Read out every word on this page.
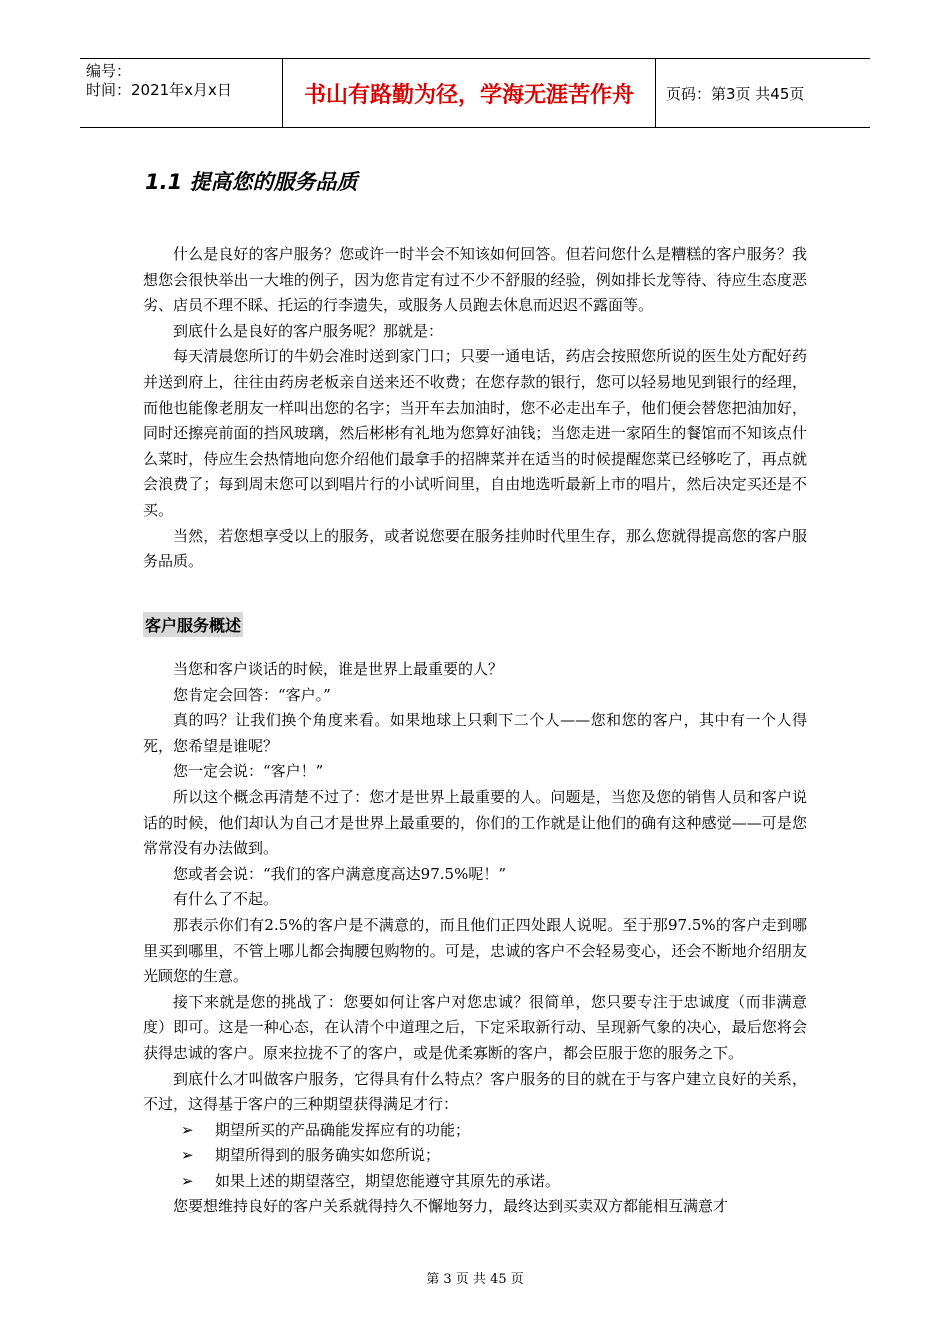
编号：
时间：2021年x月x日	书山有路勤为径，学海无涯苦作舟	页码：第3页 共45页
1.1 提高您的服务品质

什么是良好的客户服务？您或许一时半会不知该如何回答。但若问您什么是糟糕的客户服务？我想您会很快举出一大堆的例子，因为您肯定有过不少不舒服的经验，例如排长龙等待、待应生态度恶劣、店员不理不睬、托运的行李遗失，或服务人员跑去休息而迟迟不露面等。

到底什么是良好的客户服务呢？那就是：

每天清晨您所订的牛奶会准时送到家门口；只要一通电话，药店会按照您所说的医生处方配好药并送到府上，往往由药房老板亲自送来还不收费；在您存款的银行，您可以轻易地见到银行的经理，而他也能像老朋友一样叫出您的名字；当开车去加油时，您不必走出车子，他们便会替您把油加好，同时还擦亮前面的挡风玻璃，然后彬彬有礼地为您算好油钱；当您走进一家陌生的餐馆而不知该点什么菜时，侍应生会热情地向您介绍他们最拿手的招牌菜并在适当的时候提醒您菜已经够吃了，再点就会浪费了；每到周末您可以到唱片行的小试听间里，自由地选听最新上市的唱片，然后决定买还是不买。

当然，若您想享受以上的服务，或者说您要在服务挂帅时代里生存，那么您就得提高您的客户服务品质。

客户服务概述

当您和客户谈话的时候，谁是世界上最重要的人？

您肯定会回答：“客户。”

真的吗？让我们换个角度来看。如果地球上只剩下二个人——您和您的客户，其中有一个人得死，您希望是谁呢？

您一定会说：“客户！”

所以这个概念再清楚不过了：您才是世界上最重要的人。问题是，当您及您的销售人员和客户说话的时候，他们却认为自己才是世界上最重要的，你们的工作就是让他们的确有这种感觉——可是您常常没有办法做到。

您或者会说：“我们的客户满意度高达97.5%呢！”

有什么了不起。

那表示你们有2.5%的客户是不满意的，而且他们正四处跟人说呢。至于那97.5%的客户走到哪里买到哪里，不管上哪儿都会掏腰包购物的。可是，忠诚的客户不会轻易变心，还会不断地介绍朋友光顾您的生意。

接下来就是您的挑战了：您要如何让客户对您忠诚？很简单，您只要专注于忠诚度（而非满意度）即可。这是一种心态，在认清个中道理之后，下定采取新行动、呈现新气象的决心，最后您将会获得忠诚的客户。原来拉拢不了的客户，或是优柔寡断的客户，都会臣服于您的服务之下。

到底什么才叫做客户服务，它得具有什么特点？客户服务的目的就在于与客户建立良好的关系，不过，这得基于客户的三种期望获得满足才行：

➢ 期望所买的产品确能发挥应有的功能；

➢ 期望所得到的服务确实如您所说；

➢ 如果上述的期望落空，期望您能遵守其原先的承诺。

您要想维持良好的客户关系就得持久不懈地努力，最终达到买卖双方都能相互满意才

第 3 页 共 45 页
